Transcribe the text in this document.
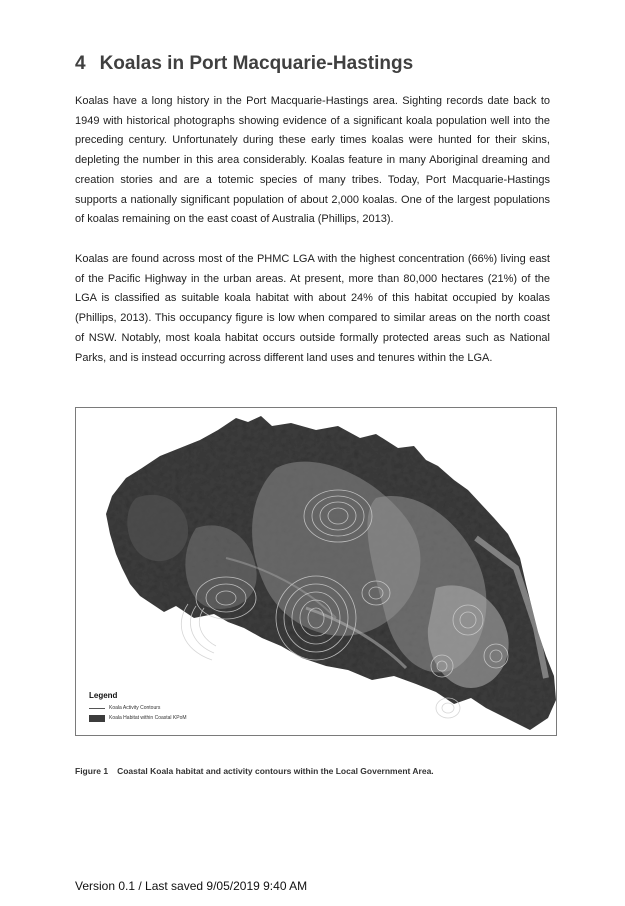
4 Koalas in Port Macquarie-Hastings

Koalas have a long history in the Port Macquarie-Hastings area. Sighting records date back to 1949 with historical photographs showing evidence of a significant koala population well into the preceding century. Unfortunately during these early times koalas were hunted for their skins, depleting the number in this area considerably. Koalas feature in many Aboriginal dreaming and creation stories and are a totemic species of many tribes. Today, Port Macquarie-Hastings supports a nationally significant population of about 2,000 koalas. One of the largest populations of koalas remaining on the east coast of Australia (Phillips, 2013).

Koalas are found across most of the PHMC LGA with the highest concentration (66%) living east of the Pacific Highway in the urban areas. At present, more than 80,000 hectares (21%) of the LGA is classified as suitable koala habitat with about 24% of this habitat occupied by koalas (Phillips, 2013). This occupancy figure is low when compared to similar areas on the north coast of NSW. Notably, most koala habitat occurs outside formally protected areas such as National Parks, and is instead occurring across different land uses and tenures within the LGA.

Legend
Koala Activity Contours
Koala Habitat within Coastal KPoM
Figure 1 Coastal Koala habitat and activity contours within the Local Government Area.
Version 0.1 / Last saved 9/05/2019 9:40 AM
